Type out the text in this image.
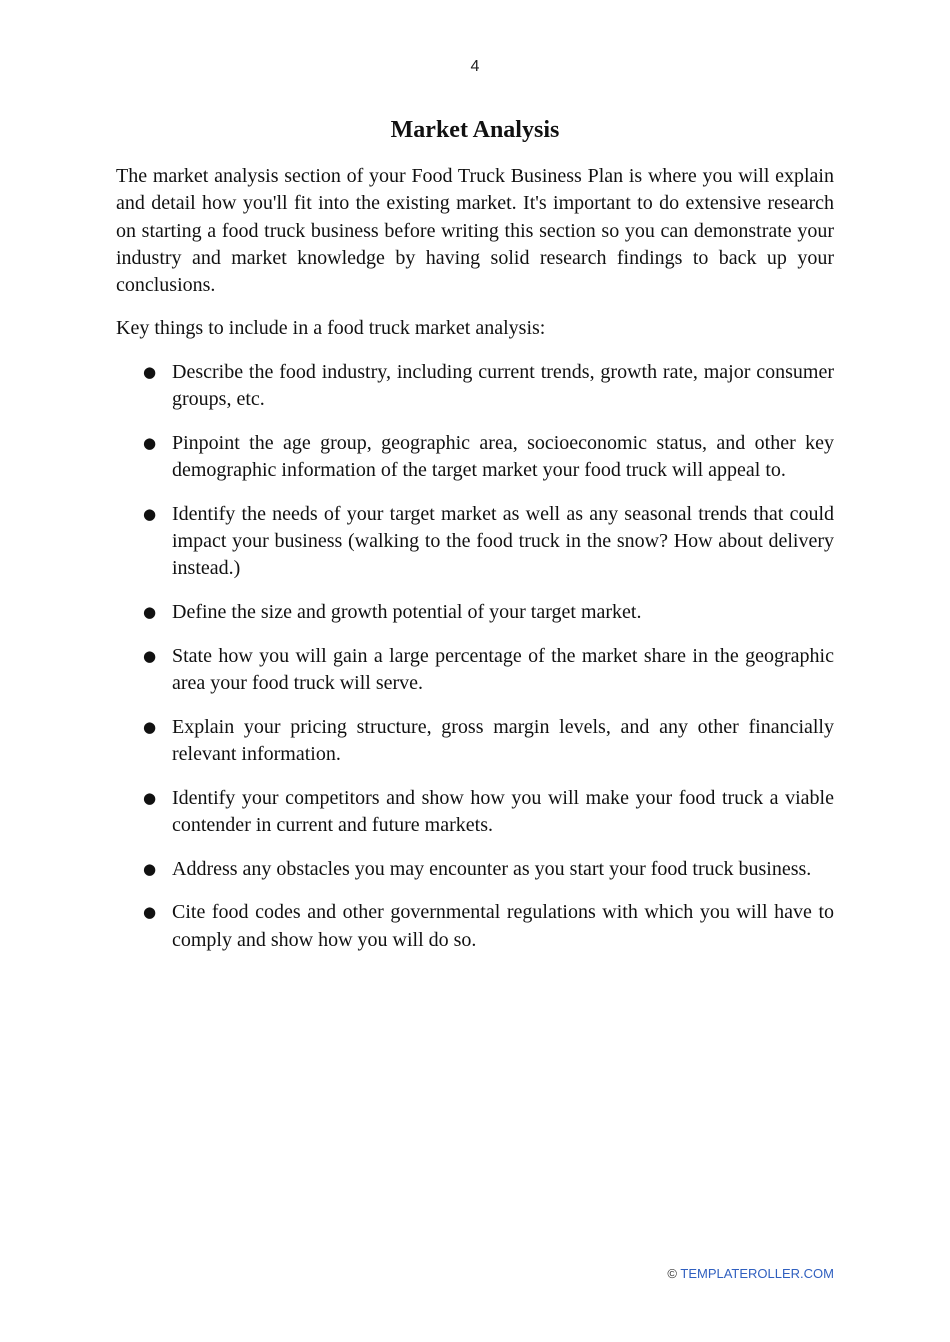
4
Market Analysis

The market analysis section of your Food Truck Business Plan is where you will explain and detail how you'll fit into the existing market. It's important to do extensive research on starting a food truck business before writing this section so you can demonstrate your industry and market knowledge by having solid research findings to back up your conclusions.

Key things to include in a food truck market analysis:

● Describe the food industry, including current trends, growth rate, major consumer groups, etc.
● Pinpoint the age group, geographic area, socioeconomic status, and other key demographic information of the target market your food truck will appeal to.
● Identify the needs of your target market as well as any seasonal trends that could impact your business (walking to the food truck in the snow? How about delivery instead.)
● Define the size and growth potential of your target market.
● State how you will gain a large percentage of the market share in the geographic area your food truck will serve.
● Explain your pricing structure, gross margin levels, and any other financially relevant information.
● Identify your competitors and show how you will make your food truck a viable contender in current and future markets.
● Address any obstacles you may encounter as you start your food truck business.
● Cite food codes and other governmental regulations with which you will have to comply and show how you will do so.
© TEMPLATEROLLER.COM
